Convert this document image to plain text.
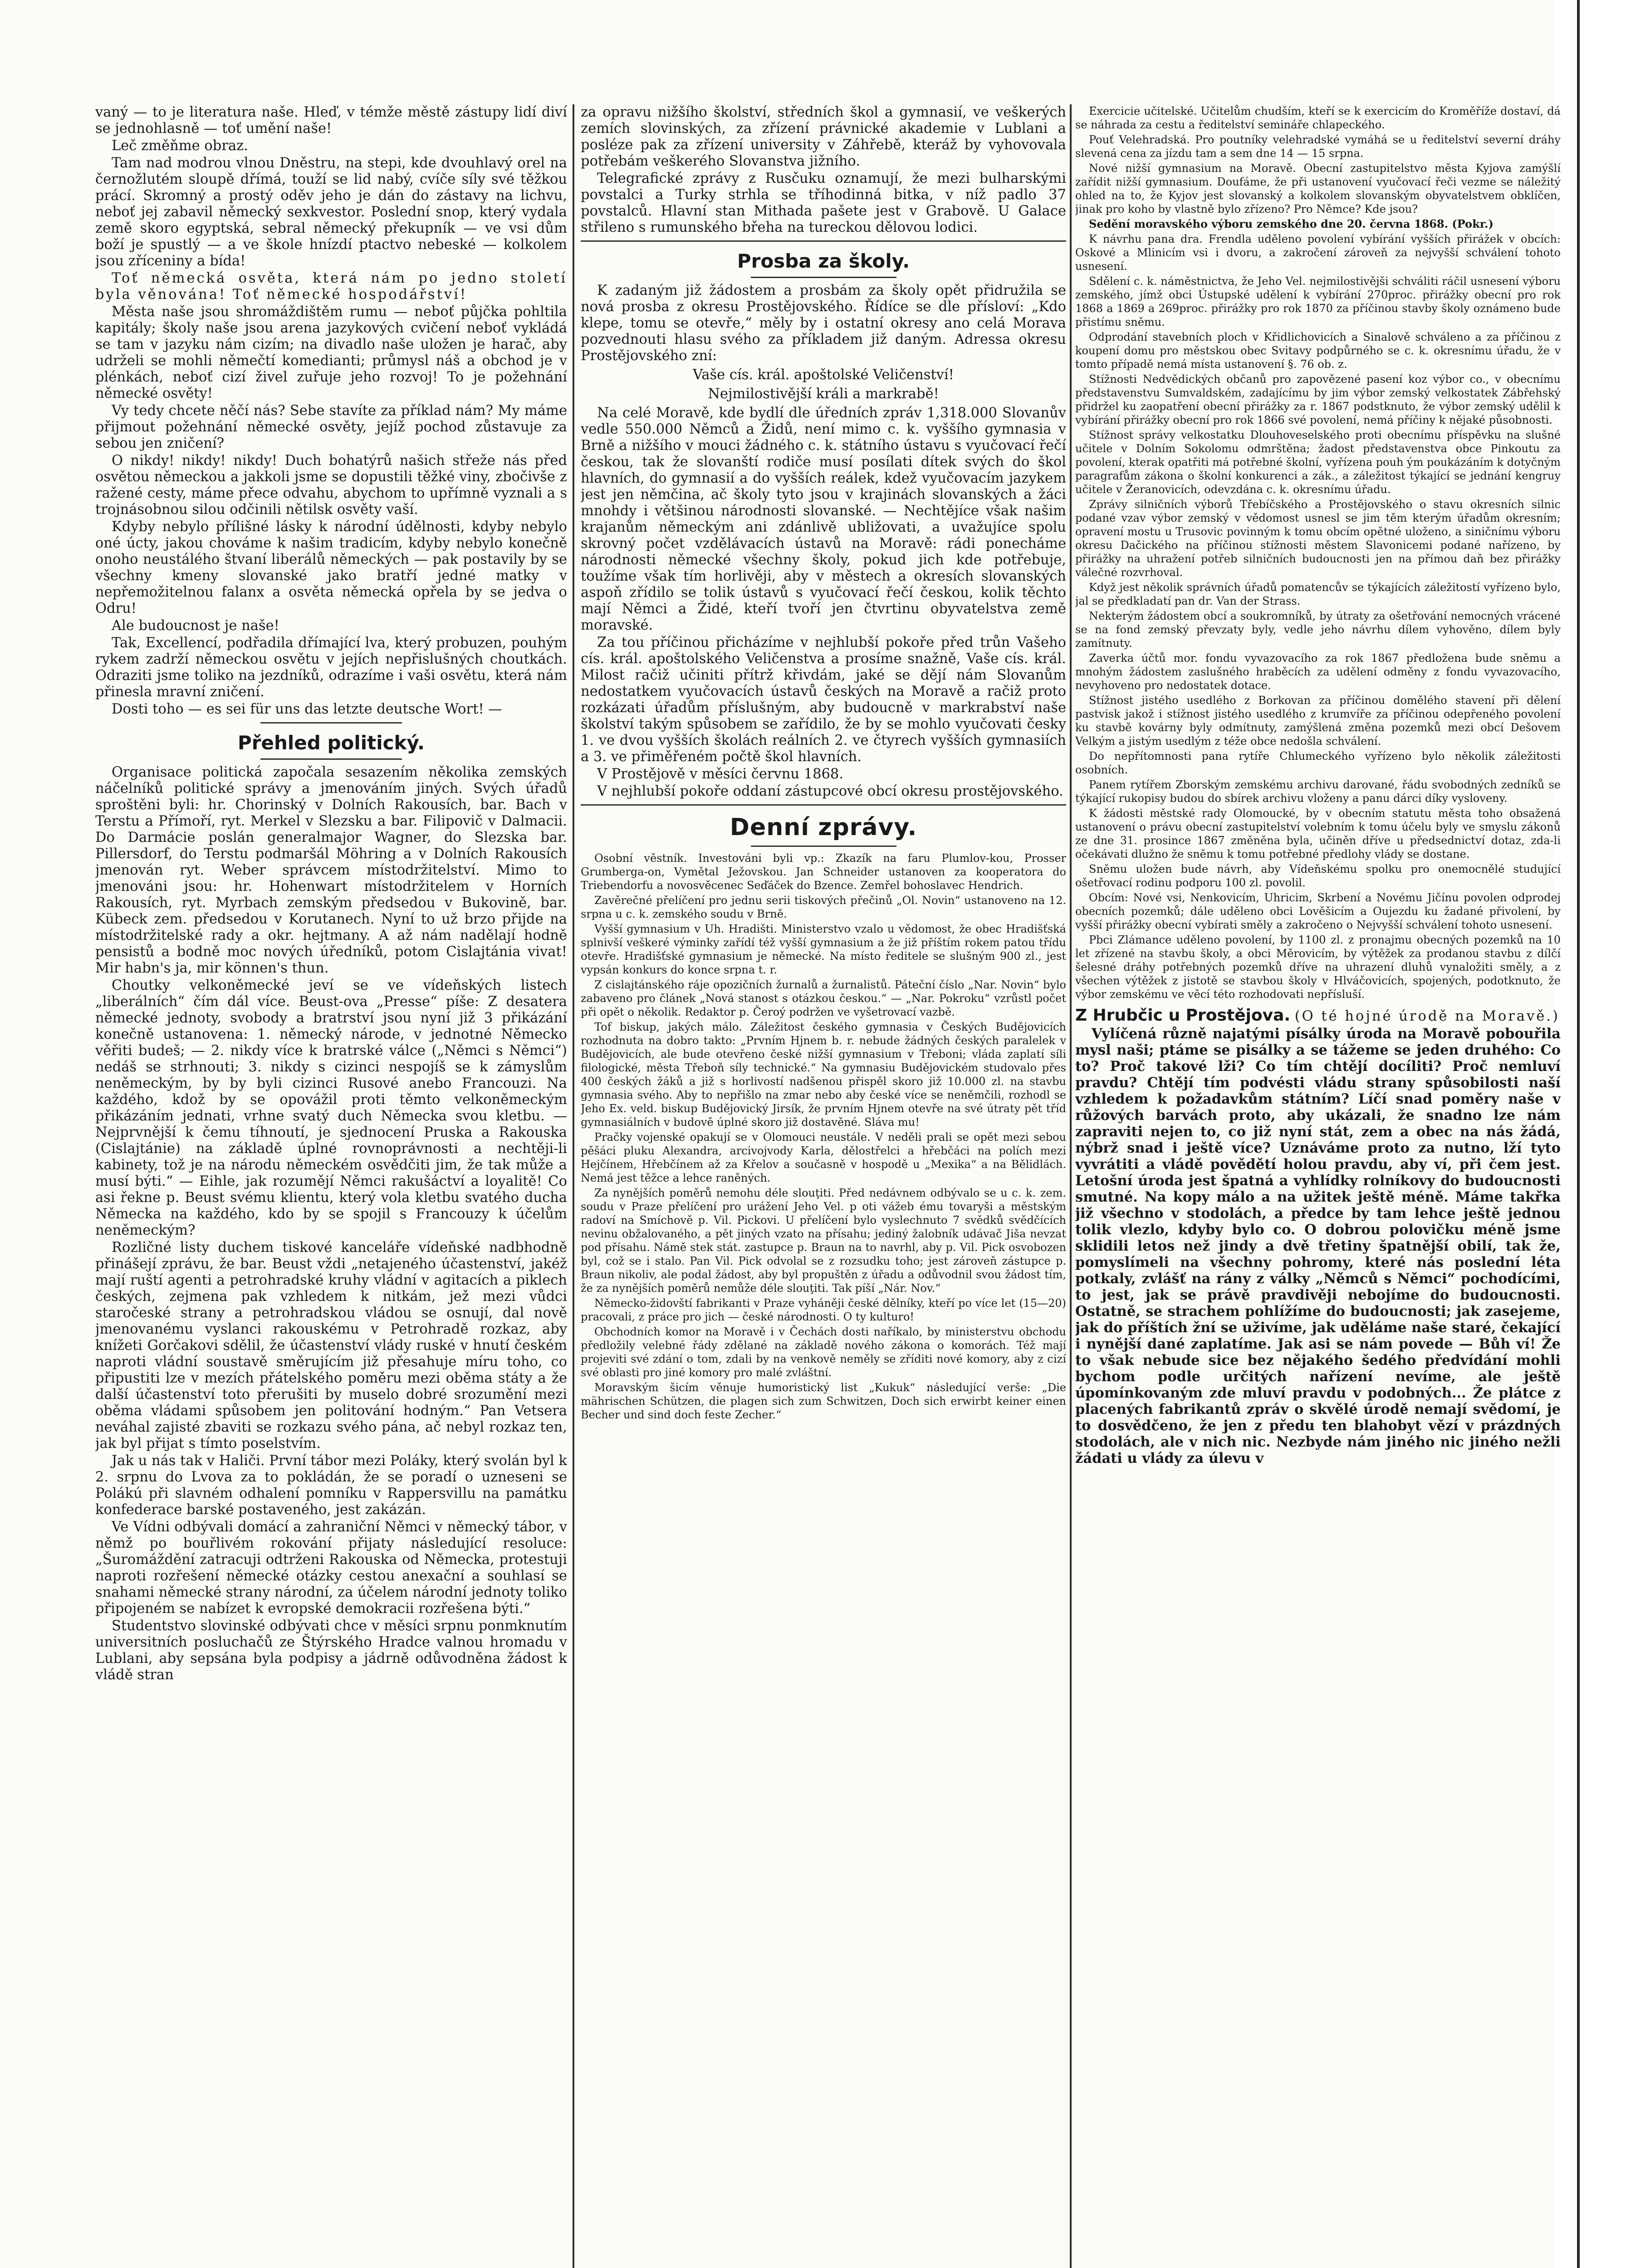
vaný — to je literatura naše. Hleď, v témže městě zástupy lidí diví se jednohlasně — toť umění naše!

Leč změňme obraz.

Tam nad modrou vlnou Dněstru, na stepi, kde dvouhlavý orel na černožlutém sloupě dřímá, touží se lid nabý, cvíče síly své těžkou prácí. Skromný a prostý oděv jeho je dán do zástavy na lichvu, neboť jej zabavil německý sexkvestor. Poslední snop, který vydala země skoro egyptská, sebral německý překupník — ve vsi dům boží je spustlý — a ve škole hnízdí ptactvo nebeské — kolkolem jsou zříceniny a bída!

Toť německá osvěta, která nám po jedno století byla věnována! Toť německé hospodářství!

Města naše jsou shromáždištěm rumu — neboť půjčka pohltila kapitály; školy naše jsou arena jazykových cvičení neboť vykládá se tam v jazyku nám cizím; na divadlo naše uložen je harač, aby udrželi se mohli němečtí komedianti; průmysl náš a obchod je v plénkách, neboť cizí živel zuřuje jeho rozvoj! To je požehnání německé osvěty!

Vy tedy chcete něčí nás? Sebe stavíte za příklad nám? My máme přijmout požehnání německé osvěty, jejíž pochod zůstavuje za sebou jen zničení?

O nikdy! nikdy! nikdy! Duch bohatýrů našich střeže nás před osvětou německou a jakkoli jsme se dopustili těžké viny, zbočivše z ražené cesty, máme přece odvahu, abychom to upřímně vyznali a s trojnásobnou silou odčinili nětilsk osvěty vaší.

Kdyby nebylo přílišné lásky k národní údělnosti, kdyby nebylo oné úcty, jakou chováme k našim tradicím, kdyby nebylo konečně onoho neustálého štvaní liberálů německých — pak postavily by se všechny kmeny slovanské jako bratří jedné matky v nepřemožitelnou falanx a osvěta německá opřela by se jedva o Odru!

Ale budoucnost je naše!

Tak, Excellencí, podřadila dřímající lva, který probuzen, pouhým rykem zadrží německou osvětu v jejích nepřislušných choutkách. Odraziti jsme toliko na jezdníků, odrazíme i vaši osvětu, která nám přinesla mravní zničení.

Dosti toho — es sei für uns das letzte deutsche Wort! —

Přehled politický.

Organisace politická započala sesazením několika zemských náčelníků politické správy a jmenováním jiných. Svých úřadů sproštěni byli: hr. Chorinský v Dolních Rakousích, bar. Bach v Terstu a Přímoří, ryt. Merkel v Slezsku a bar. Filipovič v Dalmacii. Do Darmácie poslán generalmajor Wagner, do Slezska bar. Pillersdorf, do Terstu podmaršál Möhring a v Dolních Rakousích jmenován ryt. Weber správcem místodržitelství. Mimo to jmenováni jsou: hr. Hohenwart místodržitelem v Horních Rakousích, ryt. Myrbach zemským předsedou v Bukovině, bar. Kübeck zem. předsedou v Korutanech. Nyní to už brzo přijde na místodržitelské rady a okr. hejtmany. A až nám nadělají hodně pensistů a bodně moc nových úředníků, potom Cislajtánia vivat! Mir habn's ja, mir können's thun.

Choutky velkoněmecké jeví se ve vídeňských listech „liberálních“ čím dál více. Beust-ova „Presse“ píše: Z desatera německé jednoty, svobody a bratrství jsou nyní již 3 přikázání konečně ustanovena: 1. německý národe, v jednotné Německo věřiti budeš; — 2. nikdy více k bratrské válce („Němci s Němci“) nedáš se strhnouti; 3. nikdy s cizinci nespojíš se k zámyslům neněmeckým, by by byli cizinci Rusové anebo Francouzi. Na každého, kdož by se opovážil proti těmto velkoněmeckým přikázáním jednati, vrhne svatý duch Německa svou kletbu. — Nejprvnější k čemu tíhnoutí, je sjednocení Pruska a Rakouska (Cislajtánie) na základě úplné rovnoprávnosti a nechtěji-li kabinety, tož je na národu německém osvědčiti jim, že tak může a musí býti.“ — Eihle, jak rozumějí Němci rakušáctví a loyalitě! Co asi řekne p. Beust svému klientu, který vola kletbu svatého ducha Německa na každého, kdo by se spojil s Francouzy k účelům neněmeckým?

Rozličné listy duchem tiskové kanceláře vídeňské nadbhodně přinášejí zprávu, že bar. Beust vždi „netajeného účastenství, jakéž mají ruští agenti a petrohradské kruhy vládní v agitacích a piklech českých, zejmena pak vzhledem k nitkám, jež mezi vůdci staročeské strany a petrohradskou vládou se osnují, dal nově jmenovanému vyslanci rakouskému v Petrohradě rozkaz, aby knížeti Gorčakovi sdělil, že účastenství vlády ruské v hnutí českém naproti vládní soustavě směrujícím již přesahuje míru toho, co připustiti lze v mezích přátelského poměru mezi oběma státy a že další účastenství toto přerušiti by muselo dobré srozumění mezi oběma vládami spůsobem jen politování hodným.“ Pan Vetsera neváhal zajisté zbaviti se rozkazu svého pána, ač nebyl rozkaz ten, jak byl přijat s tímto poselstvím.

Jak u nás tak v Haliči. První tábor mezi Poláky, který svolán byl k 2. srpnu do Lvova za to pokládán, že se poradí o uzneseni se Polákú při slavném odhalení pomníku v Rappersvillu na památku konfederace barské postaveného, jest zakázán.

Ve Vídni odbývali domácí a zahraniční Němci v německý tábor, v němž po bouřlivém rokování přijaty následující resolucе: „Šuromáždění zatracuji odtrženi Rakouska od Německa, protestuji naproti rozřešení německé otázky cestou anexační a souhlasí se snahami německé strany národní, za účelem národní jednoty toliko připojeném se nabízet k evropské demokracii rozřešena býti.“

Studentstvo slovinské odbývati chce v měsíci srpnu ponmknutím universitních posluchačů ze Štýrského Hradce valnou hromadu v Lublani, aby sepsána byla podpisy a jádrně odůvodněna žádost k vládě stran

za opravu nižšího školství, středních škol a gymnasií, ve veškerých zemích slovinských, za zřízení právnické akademie v Lublani a posléze pak za zřízení university v Záhřebě, kteráž by vyhovovala potřebám veškerého Slovanstva jižního.

Telegrafické zprávy z Rusčuku oznamují, že mezi bulharskými povstalci a Turky strhla se tříhodinná bitka, v níž padlo 37 povstalců. Hlavní stan Mithada pašete jest v Grabově. U Galace střileno s rumunského břeha na tureckou dělovou lodici.

Prosba za školy.

K zadaným již žádostem a prosbám za školy opět přidružila se nová prosba z okresu Prostějovského. Řídíce se dle přísloví: „Kdo klepe, tomu se otevře,“ měly by i ostatní okresy ano celá Morava pozvednouti hlasu svého za příkladem již daným. Adressa okresu Prostějovského zní:

Vaše cís. král. apoštolské Veličenství!
Nejmilostivější králi a markrabě!

Na celé Moravě, kde bydlí dle úředních zpráv 1,318.000 Slovanův vedle 550.000 Němců a Židů, není mimo c. k. vyššího gymnasia v Brně a nižšího v mouci žádného c. k. státního ústavu s vyučovací řečí českou, tak že slovanští rodiče musí posílati dítek svých do škol hlavních, do gymnasií a do vyšších reálek, kdež vyučovacím jazykem jest jen němčina, ač školy tyto jsou v krajinách slovanských a žáci mnohdy i většinou národnosti slovanské. — Nechtějíce však našim krajanům německým ani zdánlivě ubližovati, a uvažujíce spolu skrovný počet vzdělávacích ústavů na Moravě: rádi ponecháme národnosti německé všechny školy, pokud jich kde potřebuje, toužíme však tím horlivěji, aby v městech a okresích slovanských aspoň zřídilo se tolik ústavů s vyučovací řečí českou, kolik těchto mají Němci a Židé, kteří tvoří jen čtvrtinu obyvatelstva země moravské.

Za tou příčinou přicházíme v nejhlubší pokoře před trůn Vašeho cís. král. apoštolského Veličenstva a prosíme snažně, Vaše cís. král. Milost račiž učiniti přítrž křivdám, jaké se dějí nám Slovanům nedostatkem vyučovacích ústavů českých na Moravě a račiž proto rozkázati úřadům příslušným, aby budoucně v markrabství naše školství takým spůsobem se zařídilo, že by se mohlo vyučovati česky 1. ve dvou vyšších školách reálních 2. ve čtyrech vyšších gymnasiích a 3. ve přiměřeném počtě škol hlavních.

V Prostějově v měsíci červnu 1868.

V nejhlubší pokoře oddaní zástupcové obcí okresu prostějovského.

Denní zprávy.

Osobní věstník. Investováni byli vp.: Zkazík na faru Plumlov-kou, Prosser Grumberga-on, Vymětal Ježovskou. Jan Schneider ustanoven za kooperatora do Triebendorfu a novosvěcenec Seďáček do Bzence. Zemřel bohoslavec Hendrich.

Zavěrečné přelíčení pro jednu serii tiskových přečinů „Ol. Novin“ ustanoveno na 12. srpna u c. k. zemského soudu v Brně.

Vyšší gymnasium v Uh. Hradišti. Ministerstvo vzalo u vědomost, že obec Hradišťská splnivší veškeré výminky zařídí též vyšší gymnasium a že již příštím rokem patou třídu otevře. Hradišťské gymnasium je německé. Na místo ředitele se slušným 900 zl., jest vypsán konkurs do konce srpna t. r.

Z cislajtánského ráje opozičních žurnalů a žurnalistů. Páteční číslo „Nar. Novin“ bylo zabaveno pro článek „Nová stanost s otázkou českou.“ — „Nar. Pokroku“ vzrůstl počet při opět o několik. Redaktor p. Čeroý podržen ve vyšetrovací vazbě.

Tof biskup, jakých málo. Záležitost českého gymnasia v Českých Budějovicích rozhodnuta na dobro takto: „Prvním Hjnem b. r. nebude žádných českých paralelek v Budějovicích, ale bude otevřeno české nižší gymnasium v Třeboni; vláda zaplatí síli filologické, města Třeboň síly technické.“ Na gymnasiu Budějovickém studovalo přes 400 českých žáků a již s horlivostí nadšenou přispěl skoro již 10.000 zl. na stavbu gymnasia svého. Aby to nepřišlo na zmar nebo aby české více se neněmčili, rozhodl se Jeho Ex. veld. biskup Budějovický Jirsík, že prvním Hjnem otevře na své útraty pět tříd gymnasiálních v budově úplné skoro již dostavěné. Sláva mu!

Pračky vojenské opakují se v Olomouci neustále. V neděli prali se opět mezi sebou pěšáci pluku Alexandra, arcivojvody Karla, dělostřelci a hřebčáci na polích mezi Hejčínem, Hřebčínem až za Křelov a současně v hospodě u „Mexika“ a na Bělidlách. Nemá jest těžce a lehce raněných.

Za nynějších poměrů nemohu déle slouţiti. Před nedávnem odbývalo se u c. k. zem. soudu v Praze přelíčení pro urážení Jeho Vel. p oti vážeb ému tovaryši a městským radoví na Smíchově p. Vil. Pickovi. U přelíčení bylo vyslechnuto 7 svědků svědčících nevinu obžalovaného, a pět jiných vzato na přísahu; jediný žalobník udávač Jiša nevzat pod přísahu. Námě stek stát. zastupce p. Braun na to navrhl, aby p. Vil. Pick osvobozen byl, což se i stalo. Pan Vil. Pick odvolal se z rozsudku toho; jest zároveň zástupce p. Braun nikoliv, ale podal žádost, aby byl propuštěn z úřadu a odůvodnil svou žádost tím, že za nynějších poměrů nemůže déle slouţiti. Tak píší „Nár. Nov.“

Německo-židovští fabrikanti v Praze vyháněji české dělníky, kteří po více let (15—20) pracovali, z práce pro jich — české národnosti. O ty kulturo!

Obchodních komor na Moravě i v Čechách dosti naříkalo, by ministerstvu obchodu předložily velebné řády zdělané na základě nového zákona o komorách. Též mají projeviti své zdání o tom, zdali by na venkově neměly se zříditi nové komory, aby z cizí své oblasti pro jiné komory pro malé zvláštní.

Moravským šicím věnuje humoristický list „Kukuk“ následující verše: „Die mährischen Schützen, die plagen sich zum Schwitzen, Doch sich erwirbt keiner einen Becher und sind doch feste Zecher.“

Exercicie učitelské. Učitelům chudším, kteří se k exercicím do Kroměříže dostaví, dá se náhrada za cestu a ředitelství semináře chlapeckého.

Pouť Velehradská. Pro poutníky velehradské vymáhá se u ředitelství severní dráhy slevená cena za jízdu tam a sem dne 14 — 15 srpna.

Nové nižší gymnasium na Moravě. Obecní zastupitelstvo města Kyjova zamýšlí zařídit nižší gymnasium. Doufáme, že při ustanovení vyučovací řeči vezme se náležitý ohled na to, že Kyjov jest slovanský a kolkolem slovanským obyvatelstvem obklíčen, jinak pro koho by vlastně bylo zřízeno? Pro Němce? Kde jsou?

Sedění moravského výboru zemského dne 20. června 1868. (Pokr.)

K návrhu pana dra. Frendla uděleno povolení vybírání vyšších přirážek v obcích: Oskové a Mlinicím vsi i dvoru, a zakročení zároveň za nejvyšší schválení tohoto usnesení.

Sdělení c. k. náměstnictva, že Jeho Vel. nejmilostivějši schváliti ráčil usnesení výboru zemského, jímž obci Ústupské udělení k vybírání 270proc. přirážky obecní pro rok 1868 a 1869 a 269proc. přirážky pro rok 1870 za příčinou stavby školy oznámeno bude přistímu sněmu.

Odprodání stavebních ploch v Křidlichovicích a Sinalově schváleno a za příčinou z koupení domu pro městskou obec Svitavy podpůrného se c. k. okresnímu úřadu, že v tomto případě nemá místa ustanovení §. 76 ob. z.

Stížnosti Nedvědických občanů pro zapovězené pasení koz výbor co., v obecnímu představenstvu Sumvaldském, zadajícímu by jim výbor zemský velkostatek Zábřehský přidržel ku zaopatření obecní přirážky za r. 1867 podstknuto, že výbor zemský udělil k vybírání přirážky obecní pro rok 1866 své povolení, nemá příčiny k nějaké působnosti.

Stížnost správy velkostatku Dlouhoveselského proti obecnímu příspěvku na slušné učitele v Dolním Sokolomu odmrštěna; žadost představenstva obce Pinkoutu za povolení, kterak opatřiti má potřebné školní, vyřízena pouh ým poukázáním k dotyčným paragrafům zákona o školní konkurenci a zák., a záležitost týkající se jednání kengruy učitele v Žeranovicích, odevzdána c. k. okresnímu úřadu.

Zprávy silničních výborů Třebíčského a Prostějovského o stavu okresních silnic podané vzav výbor zemský v vědomost usnesl se jim těm kterým úřadům okresním; opravení mostu u Trusovic povinným k tomu obcím opětné uloženo, a siničnímu výboru okresu Dačického na příčinou stížnosti městem Slavonicemi podané nařízeno, by přirážky na uhražení potřeb silničních budoucnosti jen na přímou daň bez přirážky válečné rozvrhoval.

Když jest několik správních úřadů pomatencův se týkajících záležitostí vyřízeno bylo, jal se předkladatí pan dr. Van der Strass.

Nekterým žádostem obcí a soukromníků, by útraty za ošetřování nemocných vrácené se na fond zemský převzaty byly, vedle jeho návrhu dílem vyhověno, dílem byly zamítnuty.

Zaverka účtů mor. fondu vyvazovacího za rok 1867 předložena bude sněmu a mnohým žádostem zaslušného hraběcích za udělení odměny z fondu vyvazovacího, nevyhoveno pro nedostatek dotace.

Stížnost jistého usedlého z Borkovan za příčinou domělého stavení při dělení pastvisk jakož i stížnost jistého usedlého z krumvíře za příčinou odepřeného povolení ku stavbě kovárny byly odmítnuty, zamýšlená změna pozemků mezi obcí Dešovem Velkým a jistým usedlým z téže obce nedošla schválení.

Do nepřítomnosti pana rytíře Chlumeckého vyřízeno bylo několik záležitosti osobních.

Panem rytířem Zborským zemskému archivu darované, řádu svobodných zedníků se týkající rukopisy budou do sbírek archivu vloženy a panu dárci díky vysloveny.

K žádosti městské rady Olomoucké, by v obecním statutu města toho obsažená ustanovení o právu obecní zastupitelství volebním k tomu účelu byly ve smyslu zákonů ze dne 31. prosince 1867 změněna byla, učiněn dříve u předsednictví dotaz, zda-li očekávati dlužno že sněmu k tomu potřebné předlohy vlády se dostane.

Sněmu uložen bude návrh, aby Vídeňskému spolku pro onemocnělé studující ošetřovací rodinu podporu 100 zl. povolil.

Obcím: Nové vsi, Nenkovicím, Uhricim, Skrbení a Novému Jičínu povolen odprodej obecních pozemků; dále uděleno obci Lověšicím a Oujezdu ku žadané přivolení, by vyšší přirážky obecní vybírati směly a zakročeno o Nejvyšší schválení tohoto usnesení.

Pbci Zlámance uděleno povolení, by 1100 zl. z pronajmu obecných pozemků na 10 let zřízené na stavbu školy, a obci Měrovicím, by výtěžek za prodanou stavbu z dílčí šelesné dráhy potřebných pozemků dříve na uhrazení dluhů vynaložiti směly, a z všechen výtěžek z jistotě se stavbou školy v Hlváčovicích, spojených, podotknuto, že výbor zemskému ve věcí této rozhodovati nepřísluší.

Z Hrubčic u Prostějova. (O té hojné úrodě na Moravě.)

Vylíčená různě najatými písálky úrodа na Moravě pobouřila mysl naši; ptáme se pisálky a se tážeme se jeden druhého: Co to? Proč takové lži? Co tím chtějí docíliti? Proč nemluví pravdu? Chtějí tím podvésti vládu strany spůsobilosti naší vzhledem k požadavkům státním? Líčí snad poměry naše v růžových barvách proto, aby ukázali, že snadno lze nám zapraviti nejen to, co již nyní stát, zem a obec na nás žádá, nýbrž snad i ještě více? Uznáváme proto za nutno, lží tyto vyvrátiti a vládě povědětí holou pravdu, aby ví, při čem jest. Letošní úroda jest špatná a vyhlídky rolníkovy do budoucnosti smutné. Na kopy málo a na užitek ještě méně. Máme takřka již všechno v stodolách, a předce by tam lehce ještě jednou tolik vlezlo, kdyby bylo co. O dobrou polovičku méně jsme sklidili letos než jindy a dvě třetiny špatnější obilí, tak že, pomyslímeli na všechny pohromy, které nás poslední léta potkaly, zvlášť na rány z války „Němců s Němci“ pochodícími, to jest, jak se právě pravdivěji nebojíme do budoucnosti. Ostatně, se strachem pohlížíme do budoucnosti; jak zasejeme, jak do příštích žní se uživíme, jak uděláme naše staré, čekající i nynější dané zaplatíme. Jak asi se nám povede — Bůh ví! Že to však nebude sice bez nějakého šedého předvídání mohli bychom podle určitých nařízení nevíme, ale ještě úpomínkovaným zde mluví pravdu v podobných... Že plátce z placených fabrikantů zpráv o skvělé úrodě nemají svědomí, je to dosvědčeno, že jen z předu ten blahobyt vězí v prázdných stodolách, ale v nich nic. Nezbyde nám jiného nic jiného nežli žádati u vlády za úlevu v
